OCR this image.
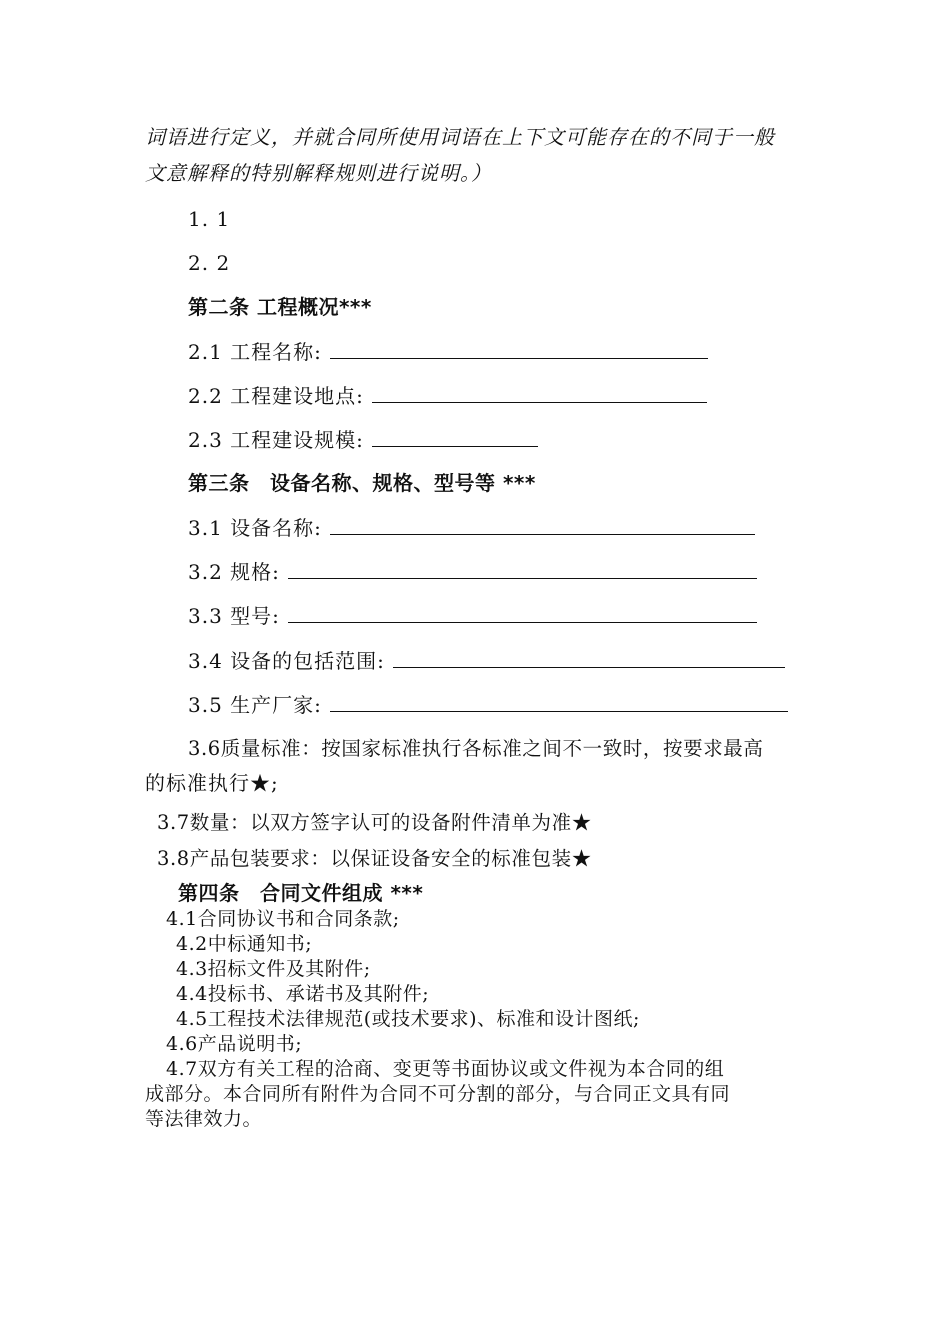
词语进行定义，并就合同所使用词语在上下文可能存在的不同于一般
文意解释的特别解释规则进行说明。）
1. 1
2. 2
第二条 工程概况***
2.1 工程名称:
2.2 工程建设地点:
2.3 工程建设规模:
第三条　设备名称、规格、型号等 ***
3.1 设备名称:
3.2 规格:
3.3 型号:
3.4 设备的包括范围:
3.5 生产厂家:
3.6质量标准：按国家标准执行各标准之间不一致时，按要求最高
的标准执行★;
3.7数量：以双方签字认可的设备附件清单为准★
3.8产品包装要求：以保证设备安全的标准包装★
第四条　合同文件组成 ***
4.1合同协议书和合同条款;
4.2中标通知书;
4.3招标文件及其附件;
4.4投标书、承诺书及其附件;
4.5工程技术法律规范(或技术要求)、标准和设计图纸;
4.6产品说明书;
4.7双方有关工程的洽商、变更等书面协议或文件视为本合同的组
成部分。本合同所有附件为合同不可分割的部分，与合同正文具有同
等法律效力。
